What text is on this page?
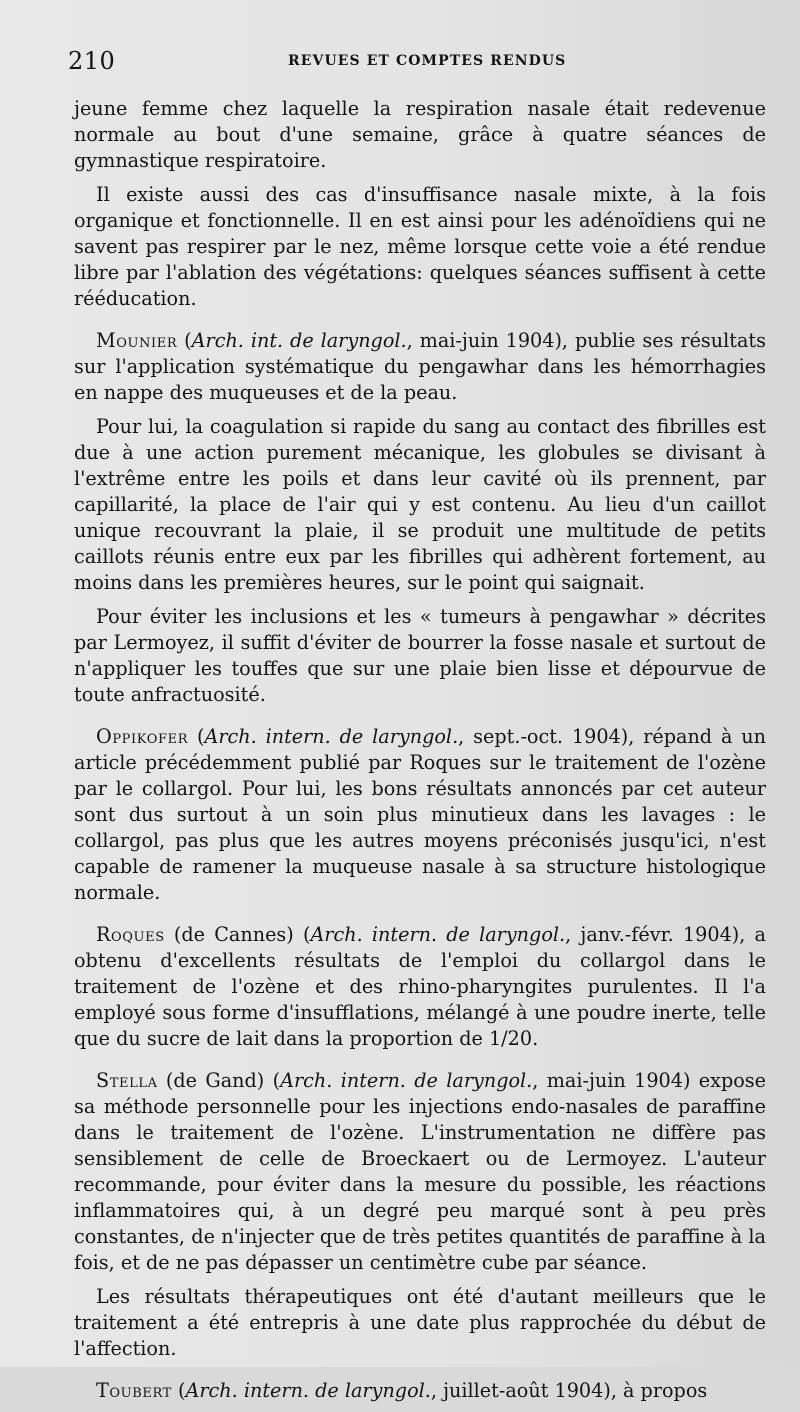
210	REVUES ET COMPTES RENDUS

jeune femme chez laquelle la respiration nasale était redevenue normale au bout d'une semaine, grâce à quatre séances de gymnastique respiratoire.

Il existe aussi des cas d'insuffisance nasale mixte, à la fois organique et fonctionnelle. Il en est ainsi pour les adénoïdiens qui ne savent pas respirer par le nez, même lorsque cette voie a été rendue libre par l'ablation des végétations: quelques séances suffisent à cette rééducation.

Mounier (Arch. int. de laryngol., mai-juin 1904), publie ses résultats sur l'application systématique du pengawhar dans les hémorrhagies en nappe des muqueuses et de la peau.

Pour lui, la coagulation si rapide du sang au contact des fibrilles est due à une action purement mécanique, les globules se divisant à l'extrême entre les poils et dans leur cavité où ils prennent, par capillarité, la place de l'air qui y est contenu. Au lieu d'un caillot unique recouvrant la plaie, il se produit une multitude de petits caillots réunis entre eux par les fibrilles qui adhèrent fortement, au moins dans les premières heures, sur le point qui saignait.

Pour éviter les inclusions et les « tumeurs à pengawhar » décrites par Lermoyez, il suffit d'éviter de bourrer la fosse nasale et surtout de n'appliquer les touffes que sur une plaie bien lisse et dépourvue de toute anfractuosité.

Oppikofer (Arch. intern. de laryngol., sept.-oct. 1904), répand à un article précédemment publié par Roques sur le traitement de l'ozène par le collargol. Pour lui, les bons résultats annoncés par cet auteur sont dus surtout à un soin plus minutieux dans les lavages : le collargol, pas plus que les autres moyens préconisés jusqu'ici, n'est capable de ramener la muqueuse nasale à sa structure histologique normale.

Roques (de Cannes) (Arch. intern. de laryngol., janv.-févr. 1904), a obtenu d'excellents résultats de l'emploi du collargol dans le traitement de l'ozène et des rhino-pharyngites purulentes. Il l'a employé sous forme d'insufflations, mélangé à une poudre inerte, telle que du sucre de lait dans la proportion de 1/20.

Stella (de Gand) (Arch. intern. de laryngol., mai-juin 1904) expose sa méthode personnelle pour les injections endo-nasales de paraffine dans le traitement de l'ozène. L'instrumentation ne diffère pas sensiblement de celle de Broeckaert ou de Lermoyez. L'auteur recommande, pour éviter dans la mesure du possible, les réactions inflammatoires qui, à un degré peu marqué sont à peu près constantes, de n'injecter que de très petites quantités de paraffine à la fois, et de ne pas dépasser un centimètre cube par séance.

Les résultats thérapeutiques ont été d'autant meilleurs que le traitement a été entrepris à une date plus rapprochée du début de l'affection.

Toubert (Arch. intern. de laryngol., juillet-août 1904), à propos
